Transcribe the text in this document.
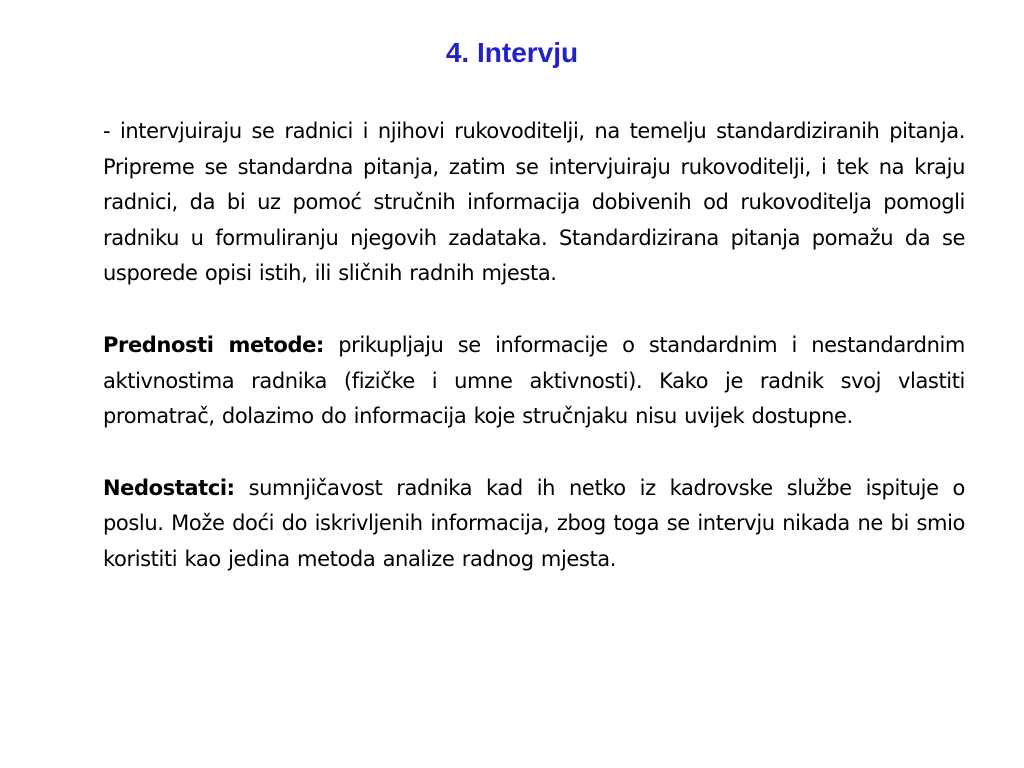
4. Intervju

- intervjuiraju se radnici i njihovi rukovoditelji, na temelju standardiziranih pitanja. Pripreme se standardna pitanja, zatim se intervjuiraju rukovoditelji, i tek na kraju radnici, da bi uz pomoć stručnih informacija dobivenih od rukovoditelja pomogli radniku u formuliranju njegovih zadataka. Standardizirana pitanja pomažu da se usporede opisi istih, ili sličnih radnih mjesta.

Prednosti metode: prikupljaju se informacije o standardnim i nestandardnim aktivnostima radnika (fizičke i umne aktivnosti). Kako je radnik svoj vlastiti promatrač, dolazimo do informacija koje stručnjaku nisu uvijek dostupne.

Nedostatci: sumnjičavost radnika kad ih netko iz kadrovske službe ispituje o poslu. Može doći do iskrivljenih informacija, zbog toga se intervju nikada ne bi smio koristiti kao jedina metoda analize radnog mjesta.
